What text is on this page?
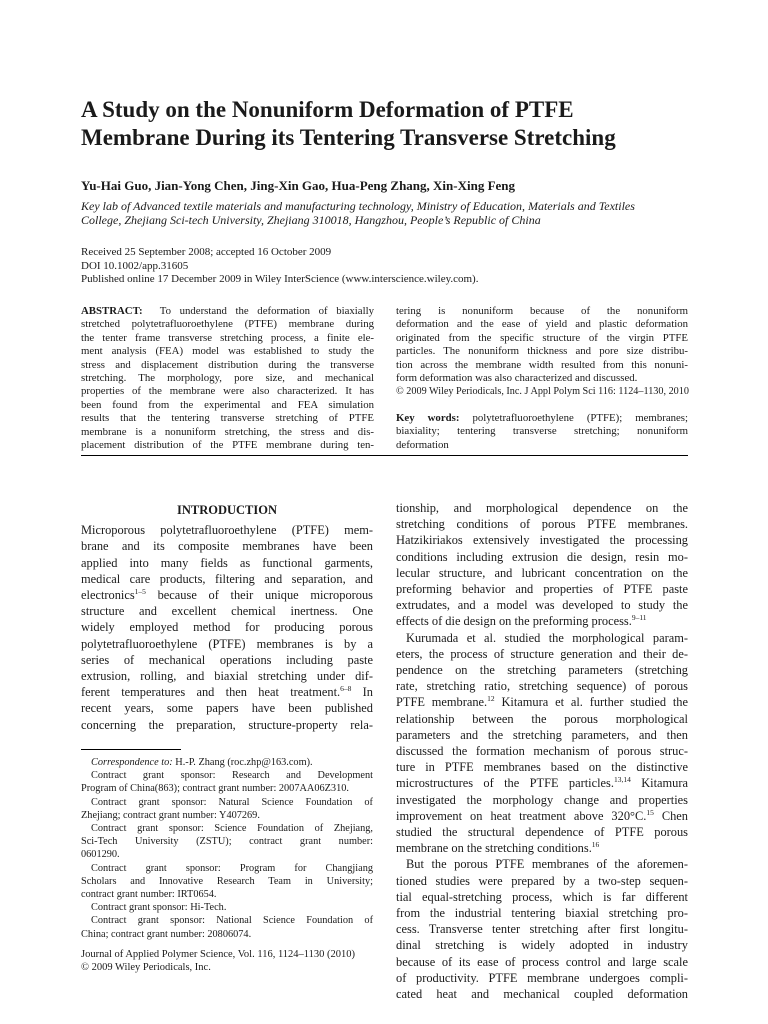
A Study on the Nonuniform Deformation of PTFE
Membrane During its Tentering Transverse Stretching
Yu-Hai Guo, Jian-Yong Chen, Jing-Xin Gao, Hua-Peng Zhang, Xin-Xing Feng
Key lab of Advanced textile materials and manufacturing technology, Ministry of Education, Materials and Textiles
College, Zhejiang Sci-tech University, Zhejiang 310018, Hangzhou, People’s Republic of China
Received 25 September 2008; accepted 16 October 2009
DOI 10.1002/app.31605
Published online 17 December 2009 in Wiley InterScience (www.interscience.wiley.com).
ABSTRACT: To understand the deformation of biaxially
stretched polytetrafluoroethylene (PTFE) membrane during
the tenter frame transverse stretching process, a finite ele-
ment analysis (FEA) model was established to study the
stress and displacement distribution during the transverse
stretching. The morphology, pore size, and mechanical
properties of the membrane were also characterized. It has
been found from the experimental and FEA simulation
results that the tentering transverse stretching of PTFE
membrane is a nonuniform stretching, the stress and dis-
placement distribution of the PTFE membrane during ten-
tering is nonuniform because of the nonuniform
deformation and the ease of yield and plastic deformation
originated from the specific structure of the virgin PTFE
particles. The nonuniform thickness and pore size distribu-
tion across the membrane width resulted from this nonuni-
form deformation was also characterized and discussed.
© 2009 Wiley Periodicals, Inc. J Appl Polym Sci 116: 1124–1130, 2010
Key words: polytetrafluoroethylene (PTFE); membranes;
biaxiality; tentering transverse stretching; nonuniform
deformation
INTRODUCTION
Microporous polytetrafluoroethylene (PTFE) mem-
brane and its composite membranes have been
applied into many fields as functional garments,
medical care products, filtering and separation, and
electronics$^{1-5}$ because of their unique microporous
structure and excellent chemical inertness. One
widely employed method for producing porous
polytetrafluoroethylene (PTFE) membranes is by a
series of mechanical operations including paste
extrusion, rolling, and biaxial stretching under dif-
ferent temperatures and then heat treatment.$^{6-8}$ In
recent years, some papers have been published
concerning the preparation, structure-property rela-
tionship, and morphological dependence on the
stretching conditions of porous PTFE membranes.
Hatzikiriakos extensively investigated the processing
conditions including extrusion die design, resin mo-
lecular structure, and lubricant concentration on the
preforming behavior and properties of PTFE paste
extrudates, and a model was developed to study the
effects of die design on the preforming process.$^{9-11}$
Kurumada et al. studied the morphological param-
eters, the process of structure generation and their de-
pendence on the stretching parameters (stretching
rate, stretching ratio, stretching sequence) of porous
PTFE membrane.$^{12}$ Kitamura et al. further studied the
relationship between the porous morphological
parameters and the stretching parameters, and then
discussed the formation mechanism of porous struc-
ture in PTFE membranes based on the distinctive
microstructures of the PTFE particles.$^{13,14}$ Kitamura
investigated the morphology change and properties
improvement on heat treatment above 320°C.$^{15}$ Chen
studied the structural dependence of PTFE porous
membrane on the stretching conditions.$^{16}$
But the porous PTFE membranes of the aforemen-
tioned studies were prepared by a two-step sequen-
tial equal-stretching process, which is far different
from the industrial tentering biaxial stretching pro-
cess. Transverse tenter stretching after first longitu-
dinal stretching is widely adopted in industry
because of its ease of process control and large scale
of productivity. PTFE membrane undergoes compli-
cated heat and mechanical coupled deformation
Correspondence to: H.-P. Zhang (roc.zhp@163.com).
Contract grant sponsor: Research and Development
Program of China(863); contract grant number: 2007AA06Z310.
Contract grant sponsor: Natural Science Foundation of
Zhejiang; contract grant number: Y407269.
Contract grant sponsor: Science Foundation of Zhejiang,
Sci-Tech University (ZSTU); contract grant number:
0601290.
Contract grant sponsor: Program for Changjiang
Scholars and Innovative Research Team in University;
contract grant number: IRT0654.
Contract grant sponsor: Hi-Tech.
Contract grant sponsor: National Science Foundation of
China; contract grant number: 20806074.
Journal of Applied Polymer Science, Vol. 116, 1124–1130 (2010)
© 2009 Wiley Periodicals, Inc.
